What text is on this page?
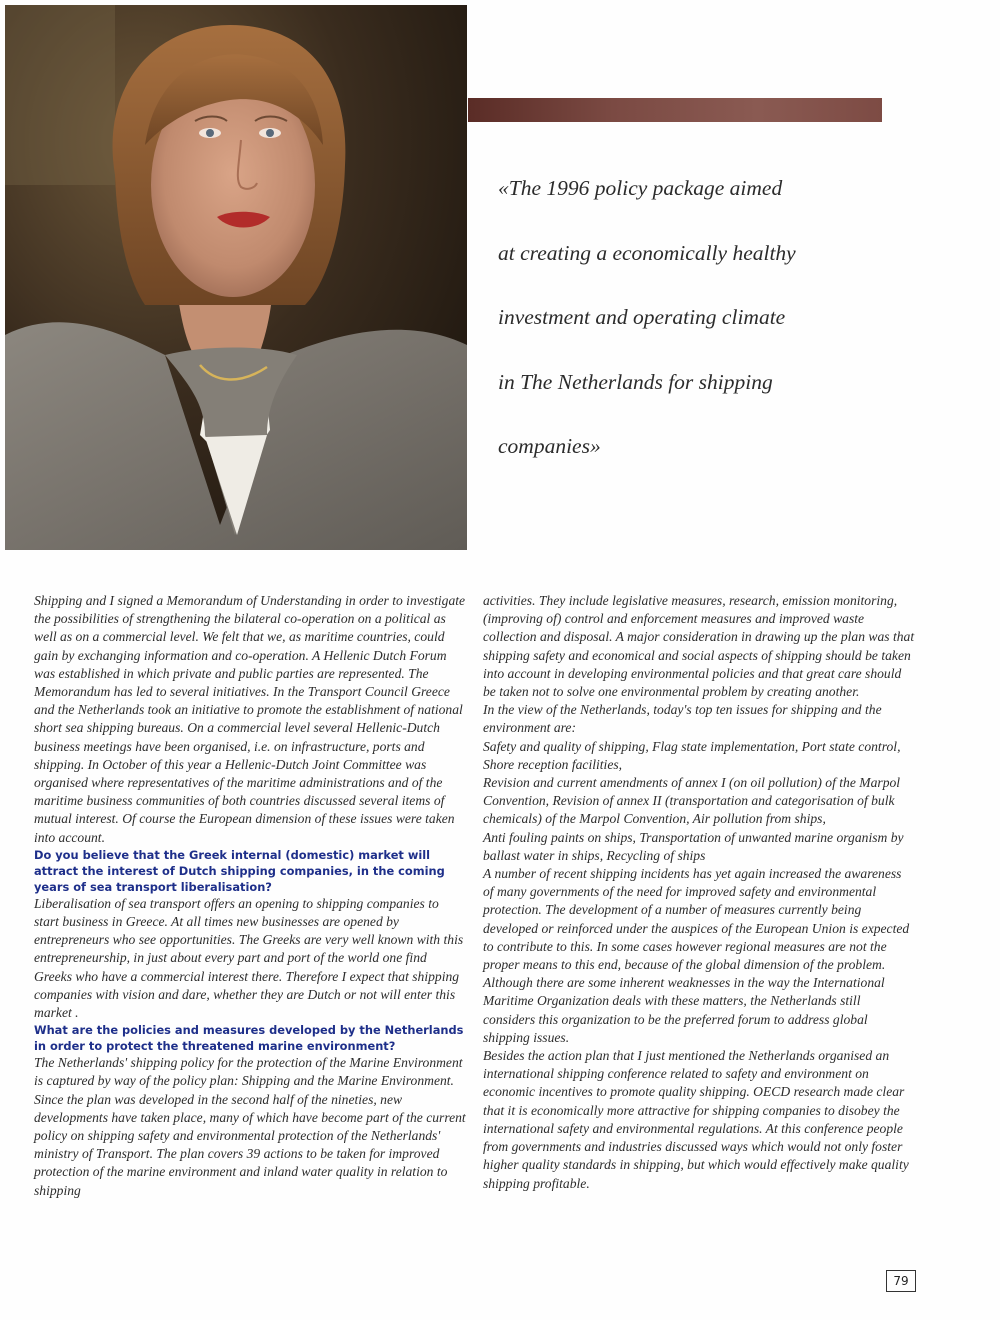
«The 1996 policy package aimed
at creating a economically healthy
investment and operating climate
in The Netherlands for shipping
companies»

Shipping and I signed a Memorandum of Understanding in order to investigate the possibilities of strengthening the bilateral co-operation on a political as well as on a commercial level. We felt that we, as maritime countries, could gain by exchanging information and co-operation. A Hellenic Dutch Forum was established in which private and public parties are represented. The Memorandum has led to several initiatives. In the Transport Council Greece and the Netherlands took an initiative to promote the establishment of national short sea shipping bureaus. On a commercial level several Hellenic-Dutch business meetings have been organised, i.e. on infrastructure, ports and shipping. In October of this year a Hellenic-Dutch Joint Committee was organised where representatives of the maritime administrations and of the maritime business communities of both countries discussed several items of mutual interest. Of course the European dimension of these issues were taken into account.

Do you believe that the Greek internal (domestic) market will attract the interest of Dutch shipping companies, in the coming years of sea transport liberalisation?

Liberalisation of sea transport offers an opening to shipping companies to start business in Greece. At all times new businesses are opened by entrepreneurs who see opportunities. The Greeks are very well known with this entrepreneurship, in just about every part and port of the world one find Greeks who have a commercial interest there. Therefore I expect that shipping companies with vision and dare, whether they are Dutch or not will enter this market .

What are the policies and measures developed by the Netherlands in order to protect the threatened marine environment?

The Netherlands' shipping policy for the protection of the Marine Environment is captured by way of the policy plan: Shipping and the Marine Environment. Since the plan was developed in the second half of the nineties, new developments have taken place, many of which have become part of the current policy on shipping safety and environmental protection of the Netherlands' ministry of Transport. The plan covers 39 actions to be taken for improved protection of the marine environment and inland water quality in relation to shipping

activities. They include legislative measures, research, emission monitoring, (improving of) control and enforcement measures and improved waste collection and disposal. A major consideration in drawing up the plan was that shipping safety and economical and social aspects of shipping should be taken into account in developing environmental policies and that great care should be taken not to solve one environmental problem by creating another.

In the view of the Netherlands, today's top ten issues for shipping and the environment are:

Safety and quality of shipping, Flag state implementation, Port state control, Shore reception facilities,

Revision and current amendments of annex I (on oil pollution) of the Marpol Convention, Revision of annex II (transportation and categorisation of bulk chemicals) of the Marpol Convention, Air pollution from ships,

Anti fouling paints on ships, Transportation of unwanted marine organism by ballast water in ships, Recycling of ships

A number of recent shipping incidents has yet again increased the awareness of many governments of the need for improved safety and environmental protection. The development of a number of measures currently being developed or reinforced under the auspices of the European Union is expected

to contribute to this. In some cases however regional measures are not the proper means to this end, because of the global dimension of the problem. Although there are some inherent weaknesses in the way the International Maritime Organization deals with these matters, the Netherlands still considers this organization to be the preferred forum to address global shipping issues.

Besides the action plan that I just mentioned the Netherlands organised an international shipping conference related to safety and environment on economic incentives to promote quality shipping. OECD research made clear that it is economically more attractive for shipping companies to disobey the international safety and environmental regulations. At this conference people from governments and industries discussed ways which would not only foster higher quality standards in shipping, but which would effectively make quality shipping profitable.

79
